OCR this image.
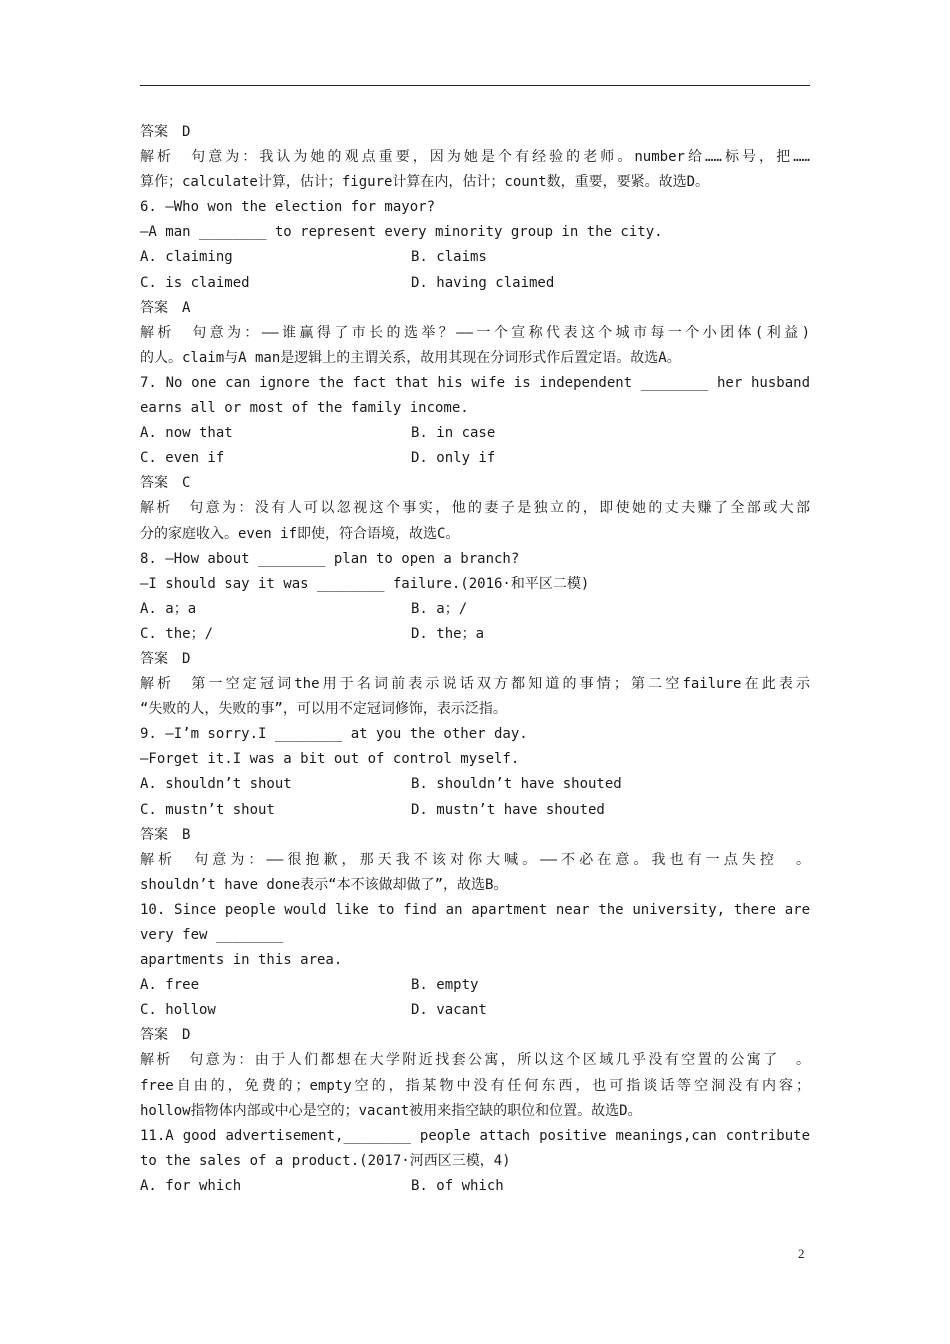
答案　D
解析　句意为：我认为她的观点重要，因为她是个有经验的老师。number给……标号，把……
算作；calculate计算，估计；figure计算在内，估计；count数，重要，要紧。故选D。
6. —Who won the election for mayor?
—A man ________ to represent every minority group in the city.
A. claiming	B. claims
C. is claimed	D. having claimed
答案　A
解析　句意为：——谁赢得了市长的选举？——一个宣称代表这个城市每一个小团体(利益)
的人。claim与A man是逻辑上的主谓关系，故用其现在分词形式作后置定语。故选A。
7. No one can ignore the fact that his wife is independent ________ her husband
earns all or most of the family income.
A. now that	B. in case
C. even if	D. only if
答案　C
解析　句意为：没有人可以忽视这个事实，他的妻子是独立的，即使她的丈夫赚了全部或大部
分的家庭收入。even if即使，符合语境，故选C。
8. —How about ________ plan to open a branch?
—I should say it was ________ failure.(2016·和平区二模)
A. a；a	B. a；/
C. the；/	D. the；a
答案　D
解析　第一空定冠词the用于名词前表示说话双方都知道的事情；第二空failure在此表示
“失败的人，失败的事”，可以用不定冠词修饰，表示泛指。
9. —I’m sorry.I ________ at you the other day.
—Forget it.I was a bit out of control myself.
A. shouldn’t shout	B. shouldn’t have shouted
C. mustn’t shout	D. mustn’t have shouted
答案　B
解析　句意为：——很抱歉，那天我不该对你大喊。——不必在意。我也有一点失控　。
shouldn’t have done表示“本不该做却做了”，故选B。
10. Since people would like to find an apartment near the university, there are
very few ________
apartments in this area.
A. free	B. empty
C. hollow	D. vacant
答案　D
解析　句意为：由于人们都想在大学附近找套公寓，所以这个区域几乎没有空置的公寓了　。
free自由的，免费的；empty空的，指某物中没有任何东西，也可指谈话等空洞没有内容；
hollow指物体内部或中心是空的；vacant被用来指空缺的职位和位置。故选D。
11.A good advertisement,________ people attach positive meanings,can contribute
to the sales of a product.(2017·河西区三模，4)
A. for which	B. of which
2
